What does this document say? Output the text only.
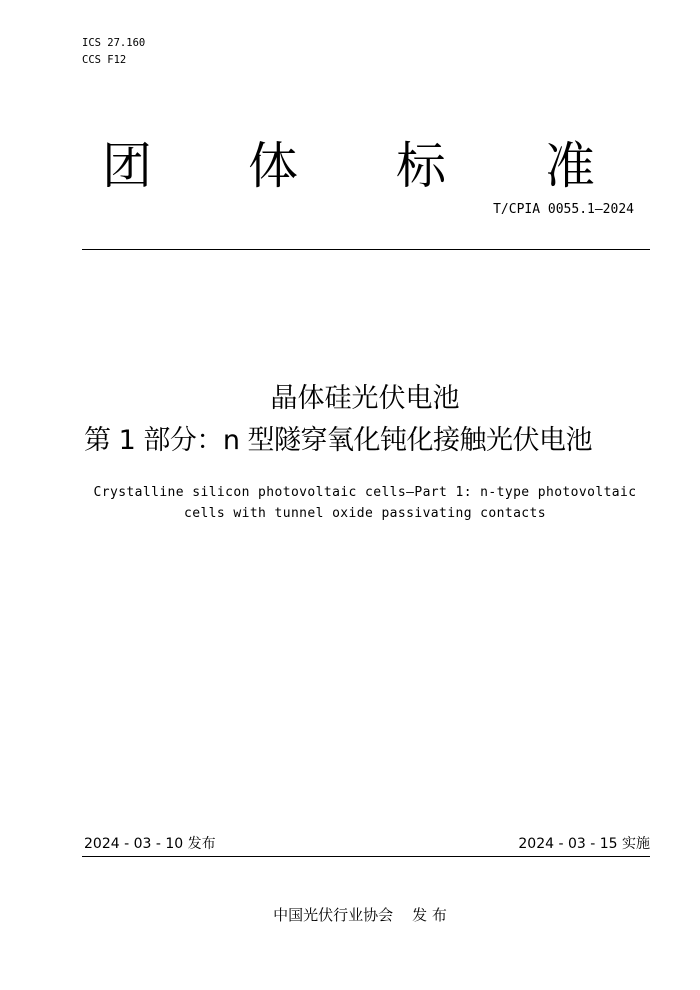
ICS 27.160
CCS F12
团 体 标 准
T/CPIA 0055.1—2024
晶体硅光伏电池
第 1 部分：n 型隧穿氧化钝化接触光伏电池
Crystalline silicon photovoltaic cells—Part 1: n-type photovoltaic
cells with tunnel oxide passivating contacts
2024 - 03 - 10 发布	2024 - 03 - 15 实施
中国光伏行业协会    发 布
